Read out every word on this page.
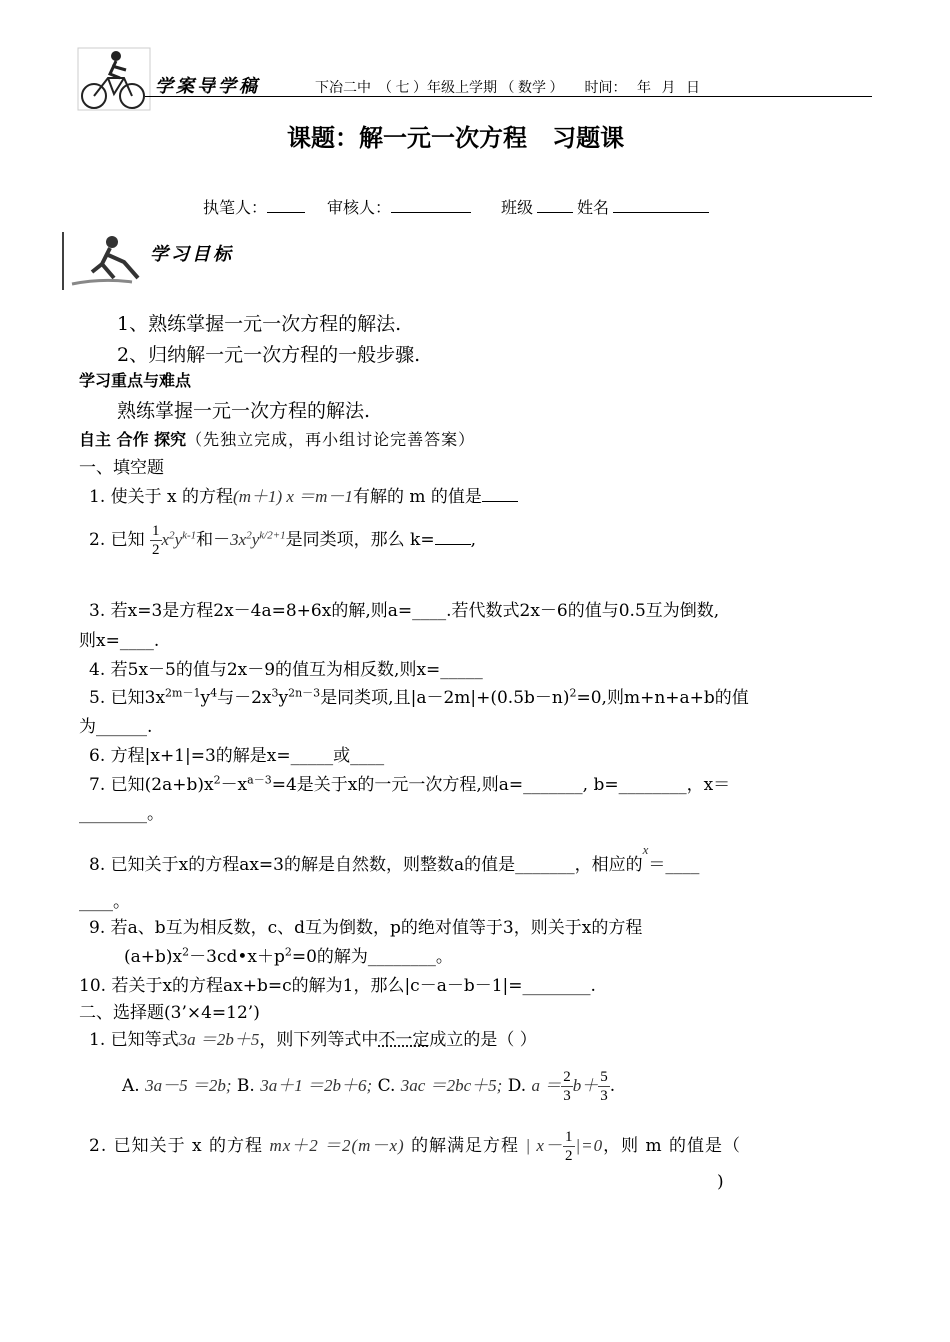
学案导学稿	下冶二中  （ 七 ）年级上学期 （ 数学 ）      时间：   年   月   日
课题：解一元一次方程   习题课
执笔人：	审核人：	班级	姓名
学习目标
1、熟练掌握一元一次方程的解法.
2、归纳解一元一次方程的一般步骤.
学习重点与难点
熟练掌握一元一次方程的解法.
自主 合作 探究（先独立完成，再小组讨论完善答案）
一、填空题
1. 使关于 x 的方程(m＋1) x ＝m－1有解的 m 的值是
2. 已知 $\frac{1}{2} x^2y^{k-1}$和$-3x^2y^{k/2+1}$是同类项，那么 k= ,
3. 若x=3是方程2x－4a=8+6x的解,则a=____.若代数式2x－6的值与0.5互为倒数,
则x=____.
4. 若5x－5的值与2x－9的值互为相反数,则x=_____
5. 已知$3x^{2m-1}y^4$与$-2x^3y^{2n-3}$是同类项,且$|a-2m|+(0.5b-n)^2=0$,则m+n+a+b的值
为______.
6. 方程|x+1|=3的解是x=_____或____
7. 已知$(2a+b)x^2-x^{a-3}=4$是关于x的一元一次方程,则a=_______, b=________，x＝
________。
8. 已知关于x的方程ax=3的解是自然数，则整数a的值是_______，相应的$^x$＝____
____。
9. 若a、b互为相反数，c、d互为倒数，p的绝对值等于3，则关于x的方程
$(a+b)x^2-3cd•x+p^2=0$的解为________。
10. 若关于x的方程ax+b=c的解为1，那么|c－a－b－1|=________.
二、选择题(3’×4=12’)
1. 已知等式3a ＝2b＋5，则下列等式中不一定成立的是（ ）
A. 3a－5 ＝2b; B. 3a＋1 ＝2b＋6; C. 3ac ＝2bc＋5; D. $a = \frac{2}{3} b+ \frac{5}{3}$ .
2. 已知关于 x 的方程 mx＋2 ＝2(m－x) 的解满足方程 | $x- \frac{1}{2} |=0$，则 m 的值是（
)
